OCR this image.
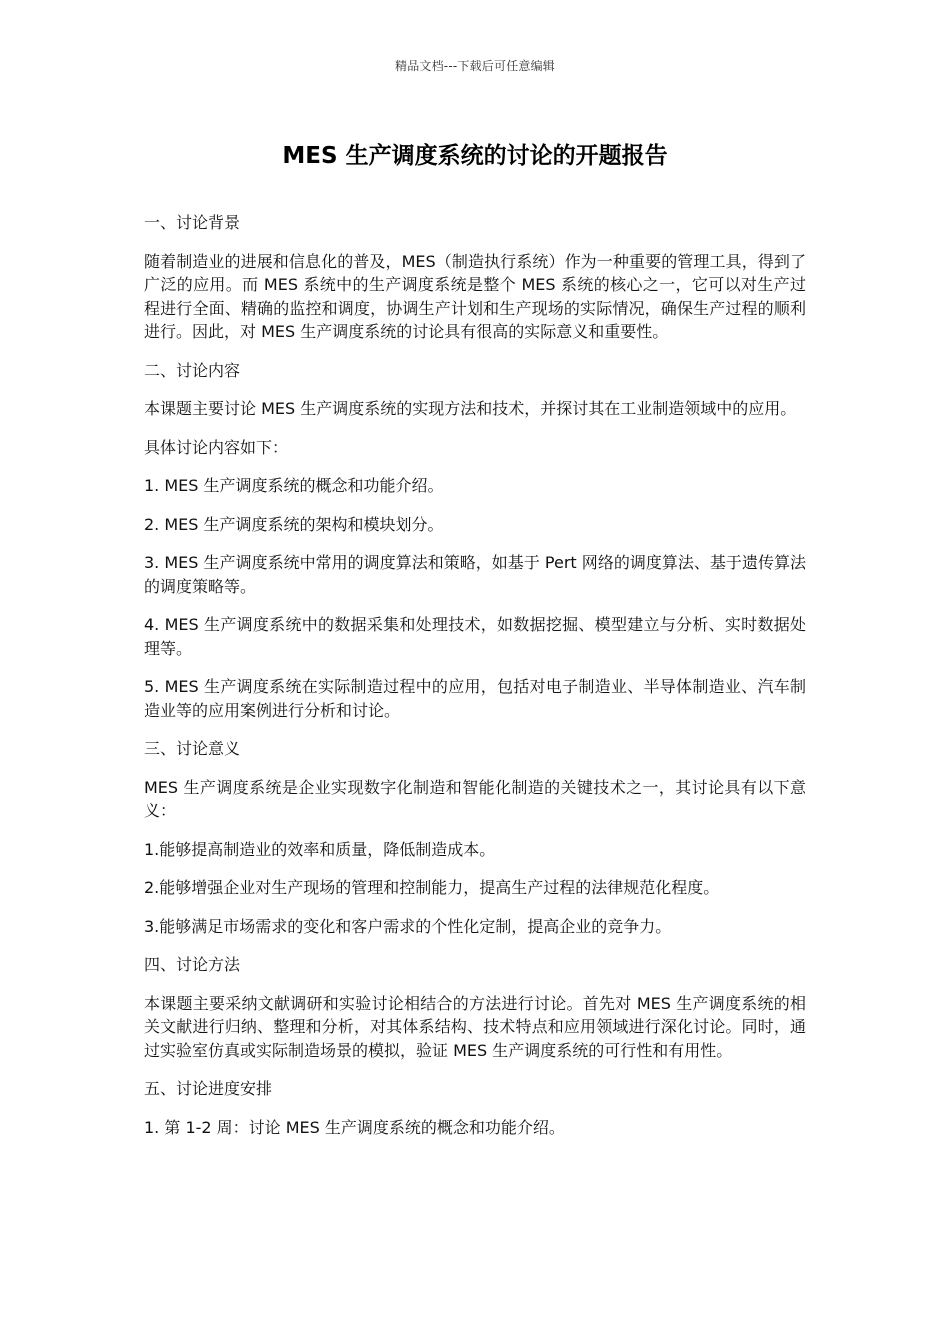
精品文档---下载后可任意编辑
MES 生产调度系统的讨论的开题报告

一、讨论背景

随着制造业的进展和信息化的普及，MES（制造执行系统）作为一种重要的管理工具，得到了广泛的应用。而 MES 系统中的生产调度系统是整个 MES 系统的核心之一，它可以对生产过程进行全面、精确的监控和调度，协调生产计划和生产现场的实际情况，确保生产过程的顺利进行。因此，对 MES 生产调度系统的讨论具有很高的实际意义和重要性。

二、讨论内容

本课题主要讨论 MES 生产调度系统的实现方法和技术，并探讨其在工业制造领域中的应用。

具体讨论内容如下：

1. MES 生产调度系统的概念和功能介绍。

2. MES 生产调度系统的架构和模块划分。

3. MES 生产调度系统中常用的调度算法和策略，如基于 Pert 网络的调度算法、基于遗传算法的调度策略等。

4. MES 生产调度系统中的数据采集和处理技术，如数据挖掘、模型建立与分析、实时数据处理等。

5. MES 生产调度系统在实际制造过程中的应用，包括对电子制造业、半导体制造业、汽车制造业等的应用案例进行分析和讨论。

三、讨论意义

MES 生产调度系统是企业实现数字化制造和智能化制造的关键技术之一，其讨论具有以下意义：

1.能够提高制造业的效率和质量，降低制造成本。

2.能够增强企业对生产现场的管理和控制能力，提高生产过程的法律规范化程度。

3.能够满足市场需求的变化和客户需求的个性化定制，提高企业的竞争力。

四、讨论方法

本课题主要采纳文献调研和实验讨论相结合的方法进行讨论。首先对 MES 生产调度系统的相关文献进行归纳、整理和分析，对其体系结构、技术特点和应用领域进行深化讨论。同时，通过实验室仿真或实际制造场景的模拟，验证 MES 生产调度系统的可行性和有用性。

五、讨论进度安排

1. 第 1-2 周：讨论 MES 生产调度系统的概念和功能介绍。
